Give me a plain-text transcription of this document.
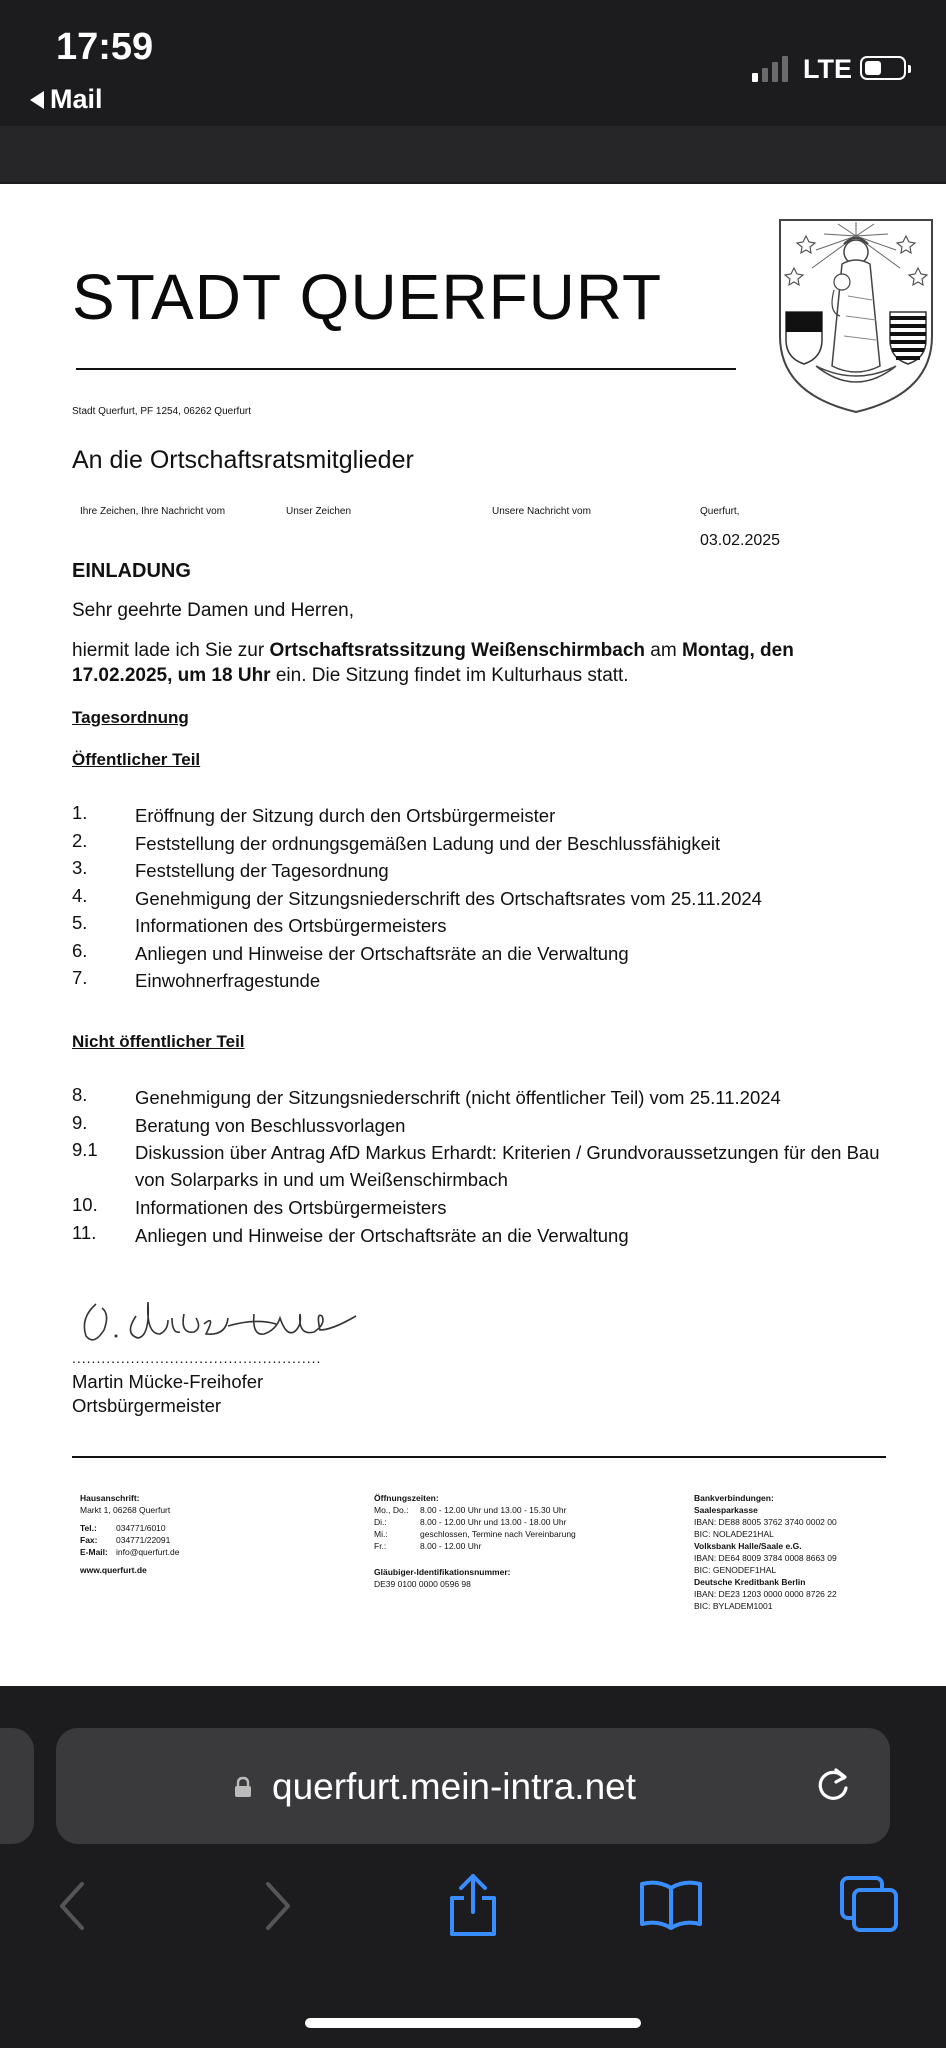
17:59
Mail
LTE
STADT QUERFURT
Stadt Querfurt, PF 1254, 06262 Querfurt
An die Ortschaftsratsmitglieder
Ihre Zeichen, Ihre Nachricht vom	Unser Zeichen	Unsere Nachricht vom	Querfurt,
03.02.2025
EINLADUNG
Sehr geehrte Damen und Herren,
hiermit lade ich Sie zur Ortschaftsratssitzung Weißenschirmbach am Montag, den 17.02.2025, um 18 Uhr ein. Die Sitzung findet im Kulturhaus statt.
Tagesordnung
Öffentlicher Teil
1.	Eröffnung der Sitzung durch den Ortsbürgermeister
2.	Feststellung der ordnungsgemäßen Ladung und der Beschlussfähigkeit
3.	Feststellung der Tagesordnung
4.	Genehmigung der Sitzungsniederschrift des Ortschaftsrates vom 25.11.2024
5.	Informationen des Ortsbürgermeisters
6.	Anliegen und Hinweise der Ortschaftsräte an die Verwaltung
7.	Einwohnerfragestunde
Nicht öffentlicher Teil
8.	Genehmigung der Sitzungsniederschrift (nicht öffentlicher Teil) vom 25.11.2024
9.	Beratung von Beschlussvorlagen
9.1	Diskussion über Antrag AfD Markus Erhardt: Kriterien / Grundvoraussetzungen für den Bau von Solarparks in und um Weißenschirmbach
10.	Informationen des Ortsbürgermeisters
11.	Anliegen und Hinweise der Ortschaftsräte an die Verwaltung
...................................................
Martin Mücke-Freihofer
Ortsbürgermeister
Hausanschrift:
Markt 1, 06268 Querfurt
Tel.: 034771/6010
Fax: 034771/22091
E-Mail: info@querfurt.de
www.querfurt.de
Öffnungszeiten:
Mo., Do.: 8.00 - 12.00 Uhr und 13.00 - 15.30 Uhr
Di.:	8.00 - 12.00 Uhr und 13.00 - 18.00 Uhr
Mi.:	geschlossen, Termine nach Vereinbarung
Fr.:	8.00 - 12.00 Uhr
Gläubiger-Identifikationsnummer:
DE39 0100 0000 0596 98
Bankverbindungen:
Saalesparkasse
IBAN: DE88 8005 3762 3740 0002 00
BIC: NOLADE21HAL
Volksbank Halle/Saale e.G.
IBAN: DE64 8009 3784 0008 8663 09
BIC: GENODEF1HAL
Deutsche Kreditbank Berlin
IBAN: DE23 1203 0000 0000 8726 22
BIC: BYLADEM1001
querfurt.mein-intra.net
